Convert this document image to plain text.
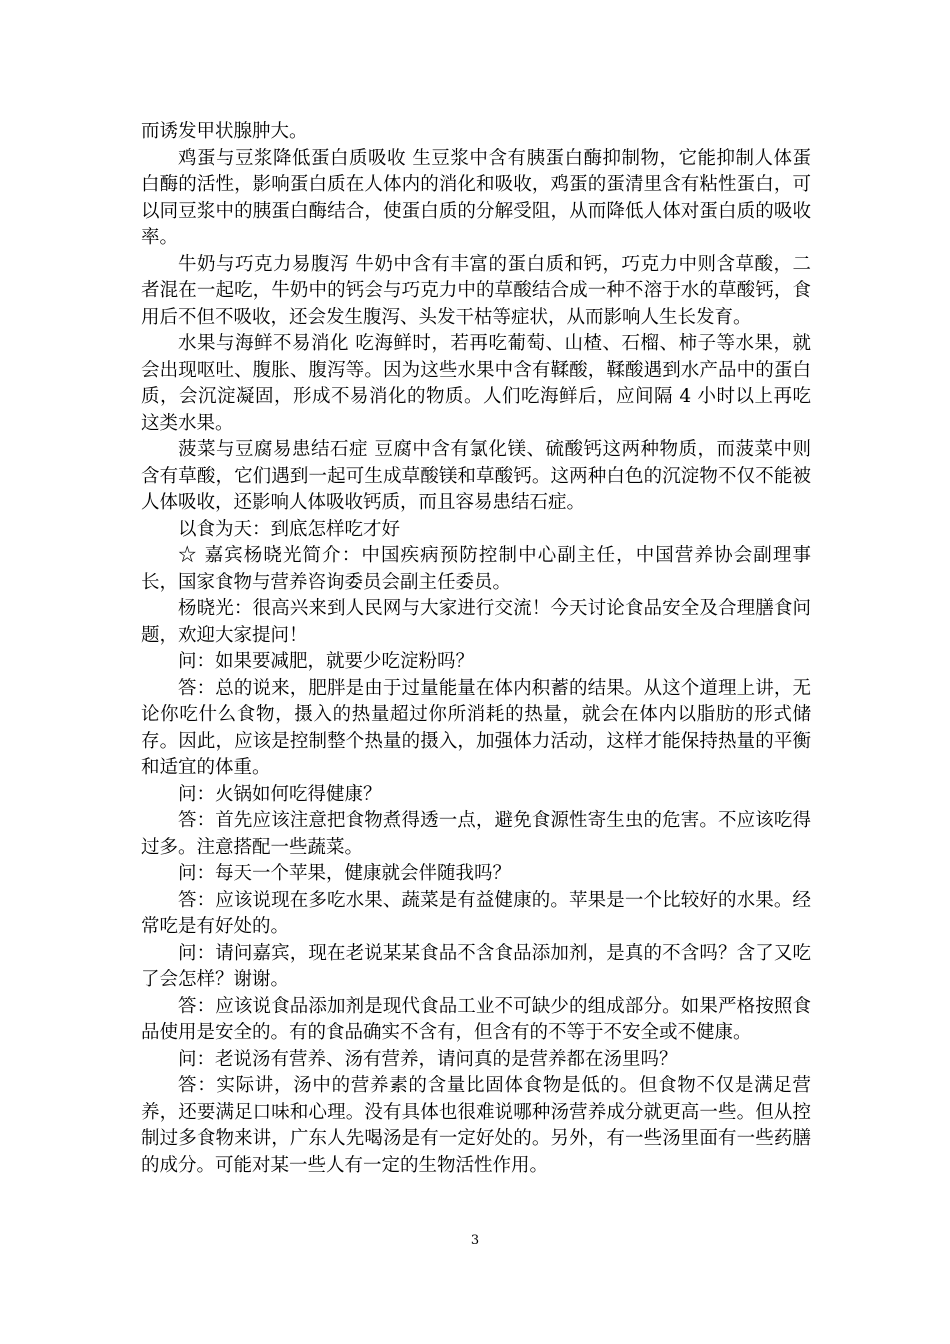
而诱发甲状腺肿大。

鸡蛋与豆浆降低蛋白质吸收 生豆浆中含有胰蛋白酶抑制物，它能抑制人体蛋白酶的活性，影响蛋白质在人体内的消化和吸收，鸡蛋的蛋清里含有粘性蛋白，可以同豆浆中的胰蛋白酶结合，使蛋白质的分解受阻，从而降低人体对蛋白质的吸收率。

牛奶与巧克力易腹泻 牛奶中含有丰富的蛋白质和钙，巧克力中则含草酸，二者混在一起吃，牛奶中的钙会与巧克力中的草酸结合成一种不溶于水的草酸钙，食用后不但不吸收，还会发生腹泻、头发干枯等症状，从而影响人生长发育。

水果与海鲜不易消化 吃海鲜时，若再吃葡萄、山楂、石榴、柿子等水果，就会出现呕吐、腹胀、腹泻等。因为这些水果中含有鞣酸，鞣酸遇到水产品中的蛋白质，会沉淀凝固，形成不易消化的物质。人们吃海鲜后，应间隔 4 小时以上再吃这类水果。

菠菜与豆腐易患结石症 豆腐中含有氯化镁、硫酸钙这两种物质，而菠菜中则含有草酸，它们遇到一起可生成草酸镁和草酸钙。这两种白色的沉淀物不仅不能被人体吸收，还影响人体吸收钙质，而且容易患结石症。

以食为天：到底怎样吃才好

☆ 嘉宾杨晓光简介：中国疾病预防控制中心副主任，中国营养协会副理事长，国家食物与营养咨询委员会副主任委员。

杨晓光：很高兴来到人民网与大家进行交流！今天讨论食品安全及合理膳食问题，欢迎大家提问！

问：如果要减肥，就要少吃淀粉吗？

答：总的说来，肥胖是由于过量能量在体内积蓄的结果。从这个道理上讲，无论你吃什么食物，摄入的热量超过你所消耗的热量，就会在体内以脂肪的形式储存。因此，应该是控制整个热量的摄入，加强体力活动，这样才能保持热量的平衡和适宜的体重。

问：火锅如何吃得健康？

答：首先应该注意把食物煮得透一点，避免食源性寄生虫的危害。不应该吃得过多。注意搭配一些蔬菜。

问：每天一个苹果，健康就会伴随我吗？

答：应该说现在多吃水果、蔬菜是有益健康的。苹果是一个比较好的水果。经常吃是有好处的。

问：请问嘉宾，现在老说某某食品不含食品添加剂，是真的不含吗？含了又吃了会怎样？谢谢。

答：应该说食品添加剂是现代食品工业不可缺少的组成部分。如果严格按照食品使用是安全的。有的食品确实不含有，但含有的不等于不安全或不健康。

问：老说汤有营养、汤有营养，请问真的是营养都在汤里吗？

答：实际讲，汤中的营养素的含量比固体食物是低的。但食物不仅是满足营养，还要满足口味和心理。没有具体也很难说哪种汤营养成分就更高一些。但从控制过多食物来讲，广东人先喝汤是有一定好处的。另外，有一些汤里面有一些药膳的成分。可能对某一些人有一定的生物活性作用。

3
